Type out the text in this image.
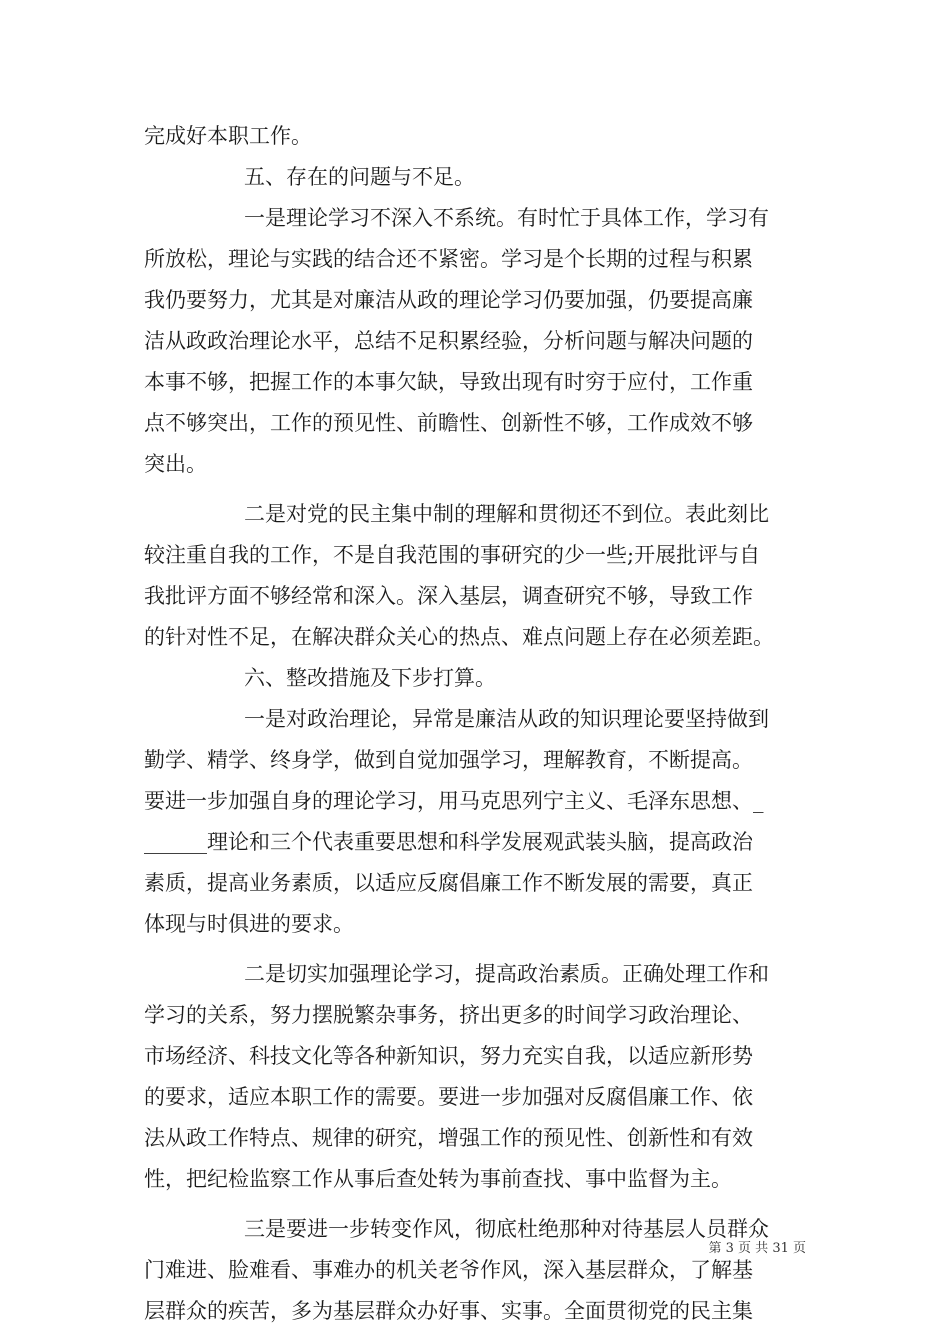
完成好本职工作。
五、存在的问题与不足。
一是理论学习不深入不系统。有时忙于具体工作，学习有
所放松，理论与实践的结合还不紧密。学习是个长期的过程与积累
我仍要努力，尤其是对廉洁从政的理论学习仍要加强，仍要提高廉
洁从政政治理论水平，总结不足积累经验，分析问题与解决问题的
本事不够，把握工作的本事欠缺，导致出现有时穷于应付，工作重
点不够突出，工作的预见性、前瞻性、创新性不够，工作成效不够
突出。
二是对党的民主集中制的理解和贯彻还不到位。表此刻比
较注重自我的工作，不是自我范围的事研究的少一些;开展批评与自
我批评方面不够经常和深入。深入基层，调查研究不够，导致工作
的针对性不足，在解决群众关心的热点、难点问题上存在必须差距。
六、整改措施及下步打算。
一是对政治理论，异常是廉洁从政的知识理论要坚持做到
勤学、精学、终身学，做到自觉加强学习，理解教育，不断提高。
要进一步加强自身的理论学习，用马克思列宁主义、毛泽东思想、_
______理论和三个代表重要思想和科学发展观武装头脑，提高政治
素质，提高业务素质，以适应反腐倡廉工作不断发展的需要，真正
体现与时俱进的要求。
二是切实加强理论学习，提高政治素质。正确处理工作和
学习的关系，努力摆脱繁杂事务，挤出更多的时间学习政治理论、
市场经济、科技文化等各种新知识，努力充实自我，以适应新形势
的要求，适应本职工作的需要。要进一步加强对反腐倡廉工作、依
法从政工作特点、规律的研究，增强工作的预见性、创新性和有效
性，把纪检监察工作从事后查处转为事前查找、事中监督为主。
三是要进一步转变作风，彻底杜绝那种对待基层人员群众
门难进、脸难看、事难办的机关老爷作风，深入基层群众，了解基
层群众的疾苦，多为基层群众办好事、实事。全面贯彻党的民主集
第 3 页 共 31 页
